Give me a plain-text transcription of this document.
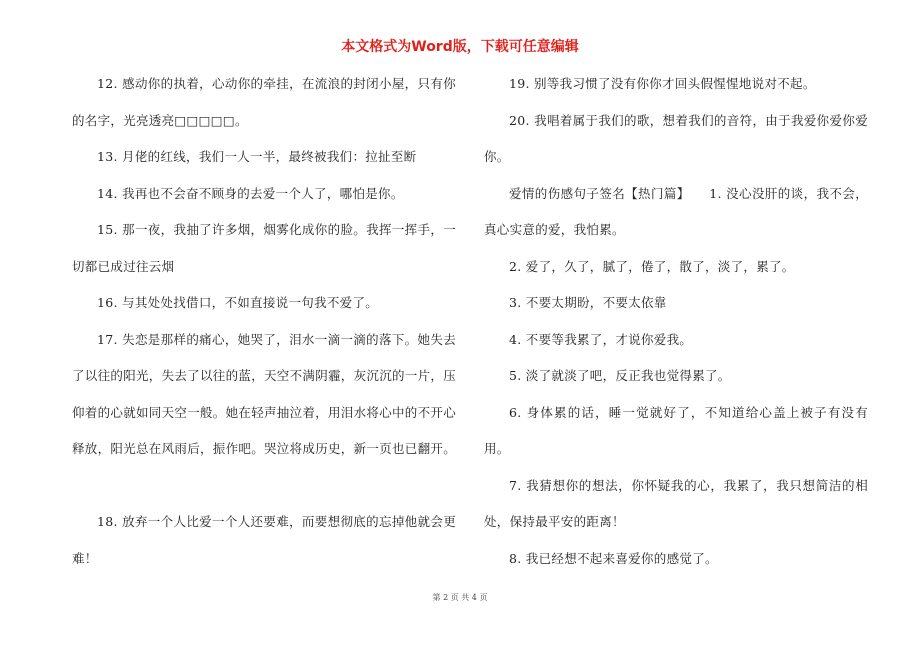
本文格式为Word版，下载可任意编辑

12. 感动你的执着，心动你的牵挂，在流浪的封闭小屋，只有你的名字，光亮透亮□□□□□。

13. 月佬的红线，我们一人一半，最终被我们：拉扯至断

14. 我再也不会奋不顾身的去爱一个人了，哪怕是你。

15. 那一夜，我抽了许多烟，烟雾化成你的脸。我挥一挥手，一切都已成过往云烟

16. 与其处处找借口，不如直接说一句我不爱了。

17. 失恋是那样的痛心，她哭了，泪水一滴一滴的落下。她失去了以往的阳光，失去了以往的蓝，天空不满阴霾，灰沉沉的一片，压仰着的心就如同天空一般。她在轻声抽泣着，用泪水将心中的不开心释放，阳光总在风雨后，振作吧。哭泣将成历史，新一页也已翻开。

18. 放弃一个人比爱一个人还要难，而要想彻底的忘掉他就会更难！

19. 别等我习惯了没有你你才回头假惺惺地说对不起。

20. 我唱着属于我们的歌，想着我们的音符，由于我爱你爱你爱你。

爱情的伤感句子签名【热门篇】　　1. 没心没肝的谈，我不会，真心实意的爱，我怕累。

2. 爱了，久了，腻了，倦了，散了，淡了，累了。

3. 不要太期盼，不要太依靠

4. 不要等我累了，才说你爱我。

5. 淡了就淡了吧，反正我也觉得累了。

6. 身体累的话，睡一觉就好了，不知道给心盖上被子有没有用。

7. 我猜想你的想法，你怀疑我的心，我累了，我只想简洁的相处，保持最平安的距离！

8. 我已经想不起来喜爱你的感觉了。

第 2 页 共 4 页
